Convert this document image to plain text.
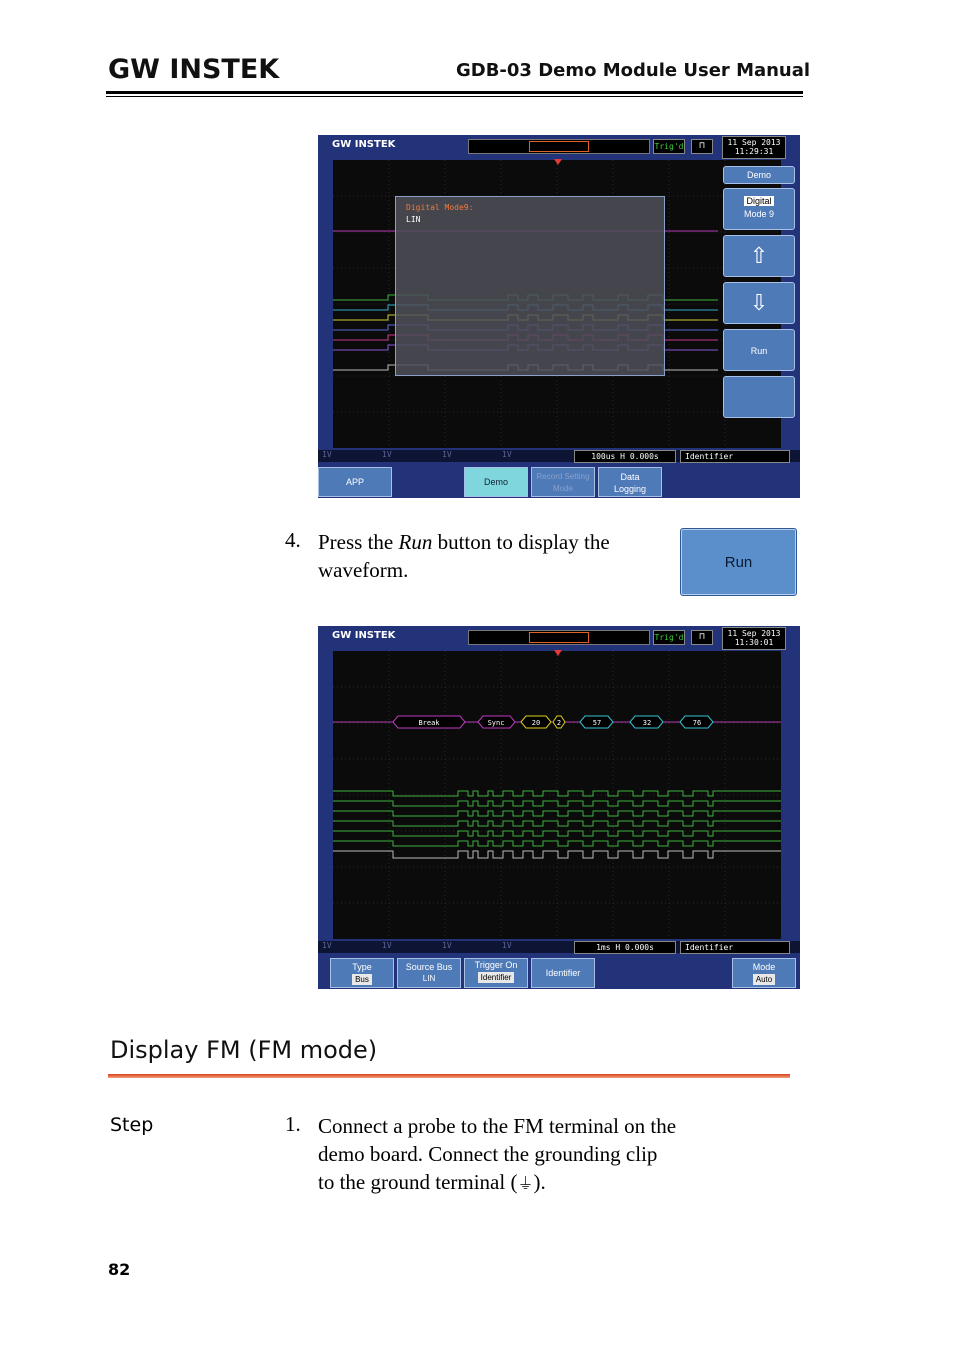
GW INSTEK	GDB-03 Demo Module User Manual
GW INSTEK	Trig'd	⊓	11 Sep 2013
11:29:31
Digital Mode9:
LIN
Demo
Digital
Mode 9
⇧
⇩
Run
1V	1V	1V	1V	100us H 0.000s	Identifier
APP	Demo
Record Setting Mode
Data
Logging
4. Press the Run button to display the waveform.	Run
GW INSTEK	Trig'd	⊓	11 Sep 2013
11:30:01
Break	Sync	20 2	57	32	76
1V	1V	1V	1V	1ms H 0.000s	Identifier
Type
Bus
Source Bus
LIN
Trigger On
Identifier	Identifier
Mode
Auto
Display FM (FM mode)
Step	1. Connect a probe to the FM terminal on the demo board. Connect the grounding clip to the ground terminal (⏚).
82
